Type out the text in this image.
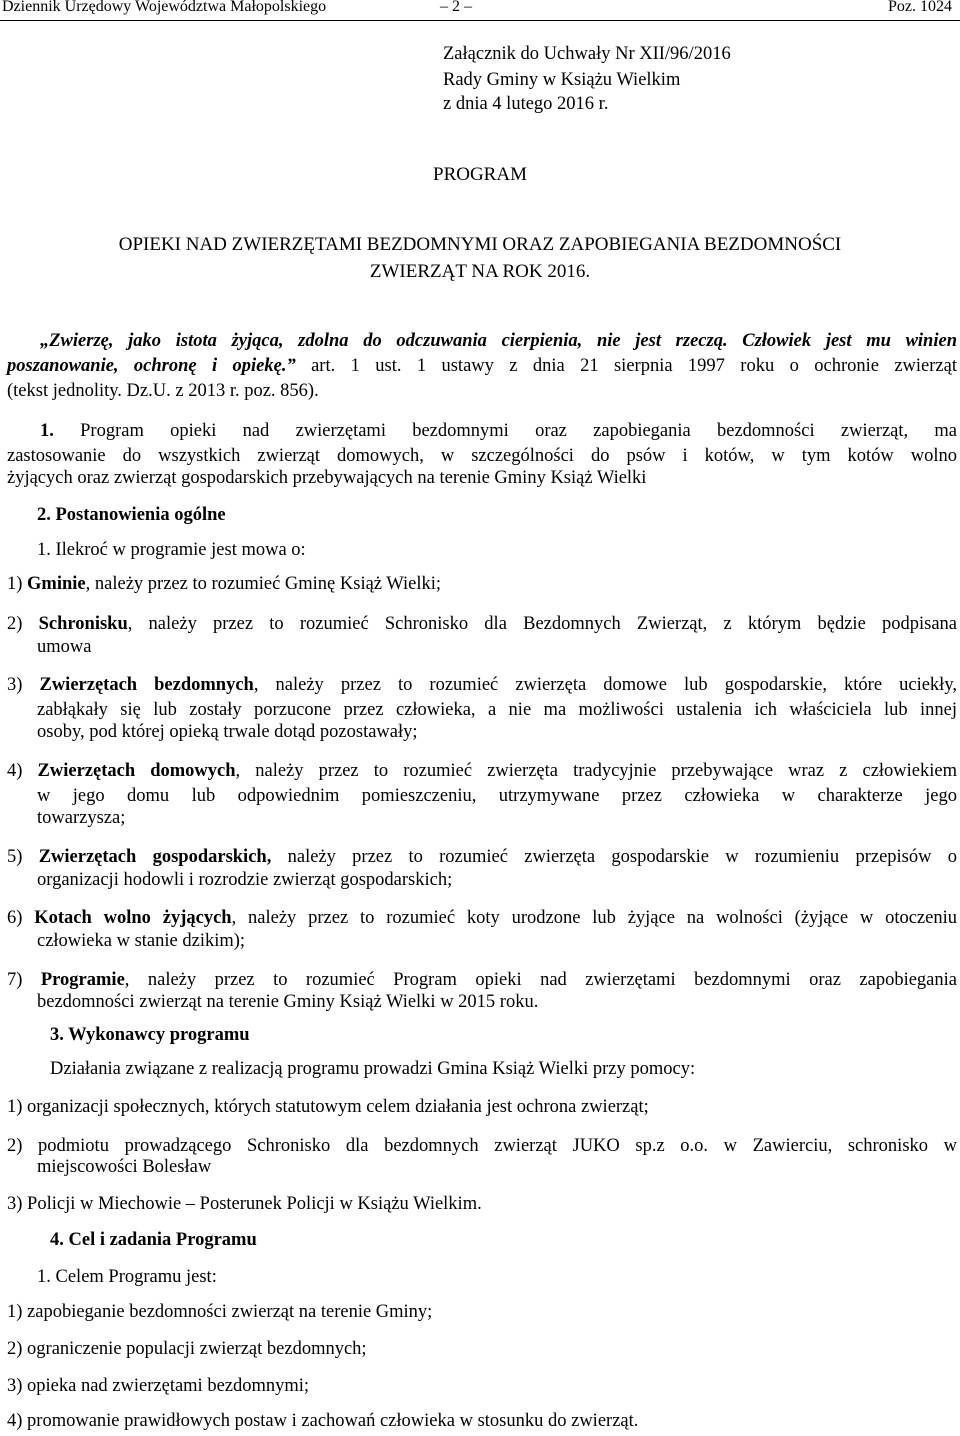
Dziennik Urzędowy Województwa Małopolskiego	– 2 –	Poz. 1024
Załącznik do Uchwały Nr XII/96/2016
Rady Gminy w Książu Wielkim
z dnia 4 lutego 2016 r.
PROGRAM
OPIEKI NAD ZWIERZĘTAMI BEZDOMNYMI ORAZ ZAPOBIEGANIA BEZDOMNOŚCI
ZWIERZĄT NA ROK 2016.
„Zwierzę, jako istota żyjąca, zdolna do odczuwania cierpienia, nie jest rzeczą. Człowiek jest mu winien
poszanowanie, ochronę i opiekę.” art. 1 ust. 1 ustawy z dnia 21 sierpnia 1997 roku o ochronie zwierząt
(tekst jednolity. Dz.U. z 2013 r. poz. 856).
1. Program opieki nad zwierzętami bezdomnymi oraz zapobiegania bezdomności zwierząt, ma
zastosowanie do wszystkich zwierząt domowych, w szczególności do psów i kotów, w tym kotów wolno
żyjących oraz zwierząt gospodarskich przebywających na terenie Gminy Książ Wielki
2. Postanowienia ogólne
1. Ilekroć w programie jest mowa o:
1) Gminie, należy przez to rozumieć Gminę Książ Wielki;
2) Schronisku, należy przez to rozumieć Schronisko dla Bezdomnych Zwierząt, z którym będzie podpisana
umowa
3) Zwierzętach bezdomnych, należy przez to rozumieć zwierzęta domowe lub gospodarskie, które uciekły,
zabłąkały się lub zostały porzucone przez człowieka, a nie ma możliwości ustalenia ich właściciela lub innej
osoby, pod której opieką trwale dotąd pozostawały;
4) Zwierzętach domowych, należy przez to rozumieć zwierzęta tradycyjnie przebywające wraz z człowiekiem
w jego domu lub odpowiednim pomieszczeniu, utrzymywane przez człowieka w charakterze jego
towarzysza;
5) Zwierzętach gospodarskich, należy przez to rozumieć zwierzęta gospodarskie w rozumieniu przepisów o
organizacji hodowli i rozrodzie zwierząt gospodarskich;
6) Kotach wolno żyjących, należy przez to rozumieć koty urodzone lub żyjące na wolności (żyjące w otoczeniu
człowieka w stanie dzikim);
7) Programie, należy przez to rozumieć Program opieki nad zwierzętami bezdomnymi oraz zapobiegania
bezdomności zwierząt na terenie Gminy Książ Wielki w 2015 roku.
3. Wykonawcy programu
Działania związane z realizacją programu prowadzi Gmina Książ Wielki przy pomocy:
1) organizacji społecznych, których statutowym celem działania jest ochrona zwierząt;
2) podmiotu prowadzącego Schronisko dla bezdomnych zwierząt JUKO sp.z o.o. w Zawierciu, schronisko w
miejscowości Bolesław
3) Policji w Miechowie – Posterunek Policji w Książu Wielkim.
4. Cel i zadania Programu
1. Celem Programu jest:
1) zapobieganie bezdomności zwierząt na terenie Gminy;
2) ograniczenie populacji zwierząt bezdomnych;
3) opieka nad zwierzętami bezdomnymi;
4) promowanie prawidłowych postaw i zachowań człowieka w stosunku do zwierząt.
